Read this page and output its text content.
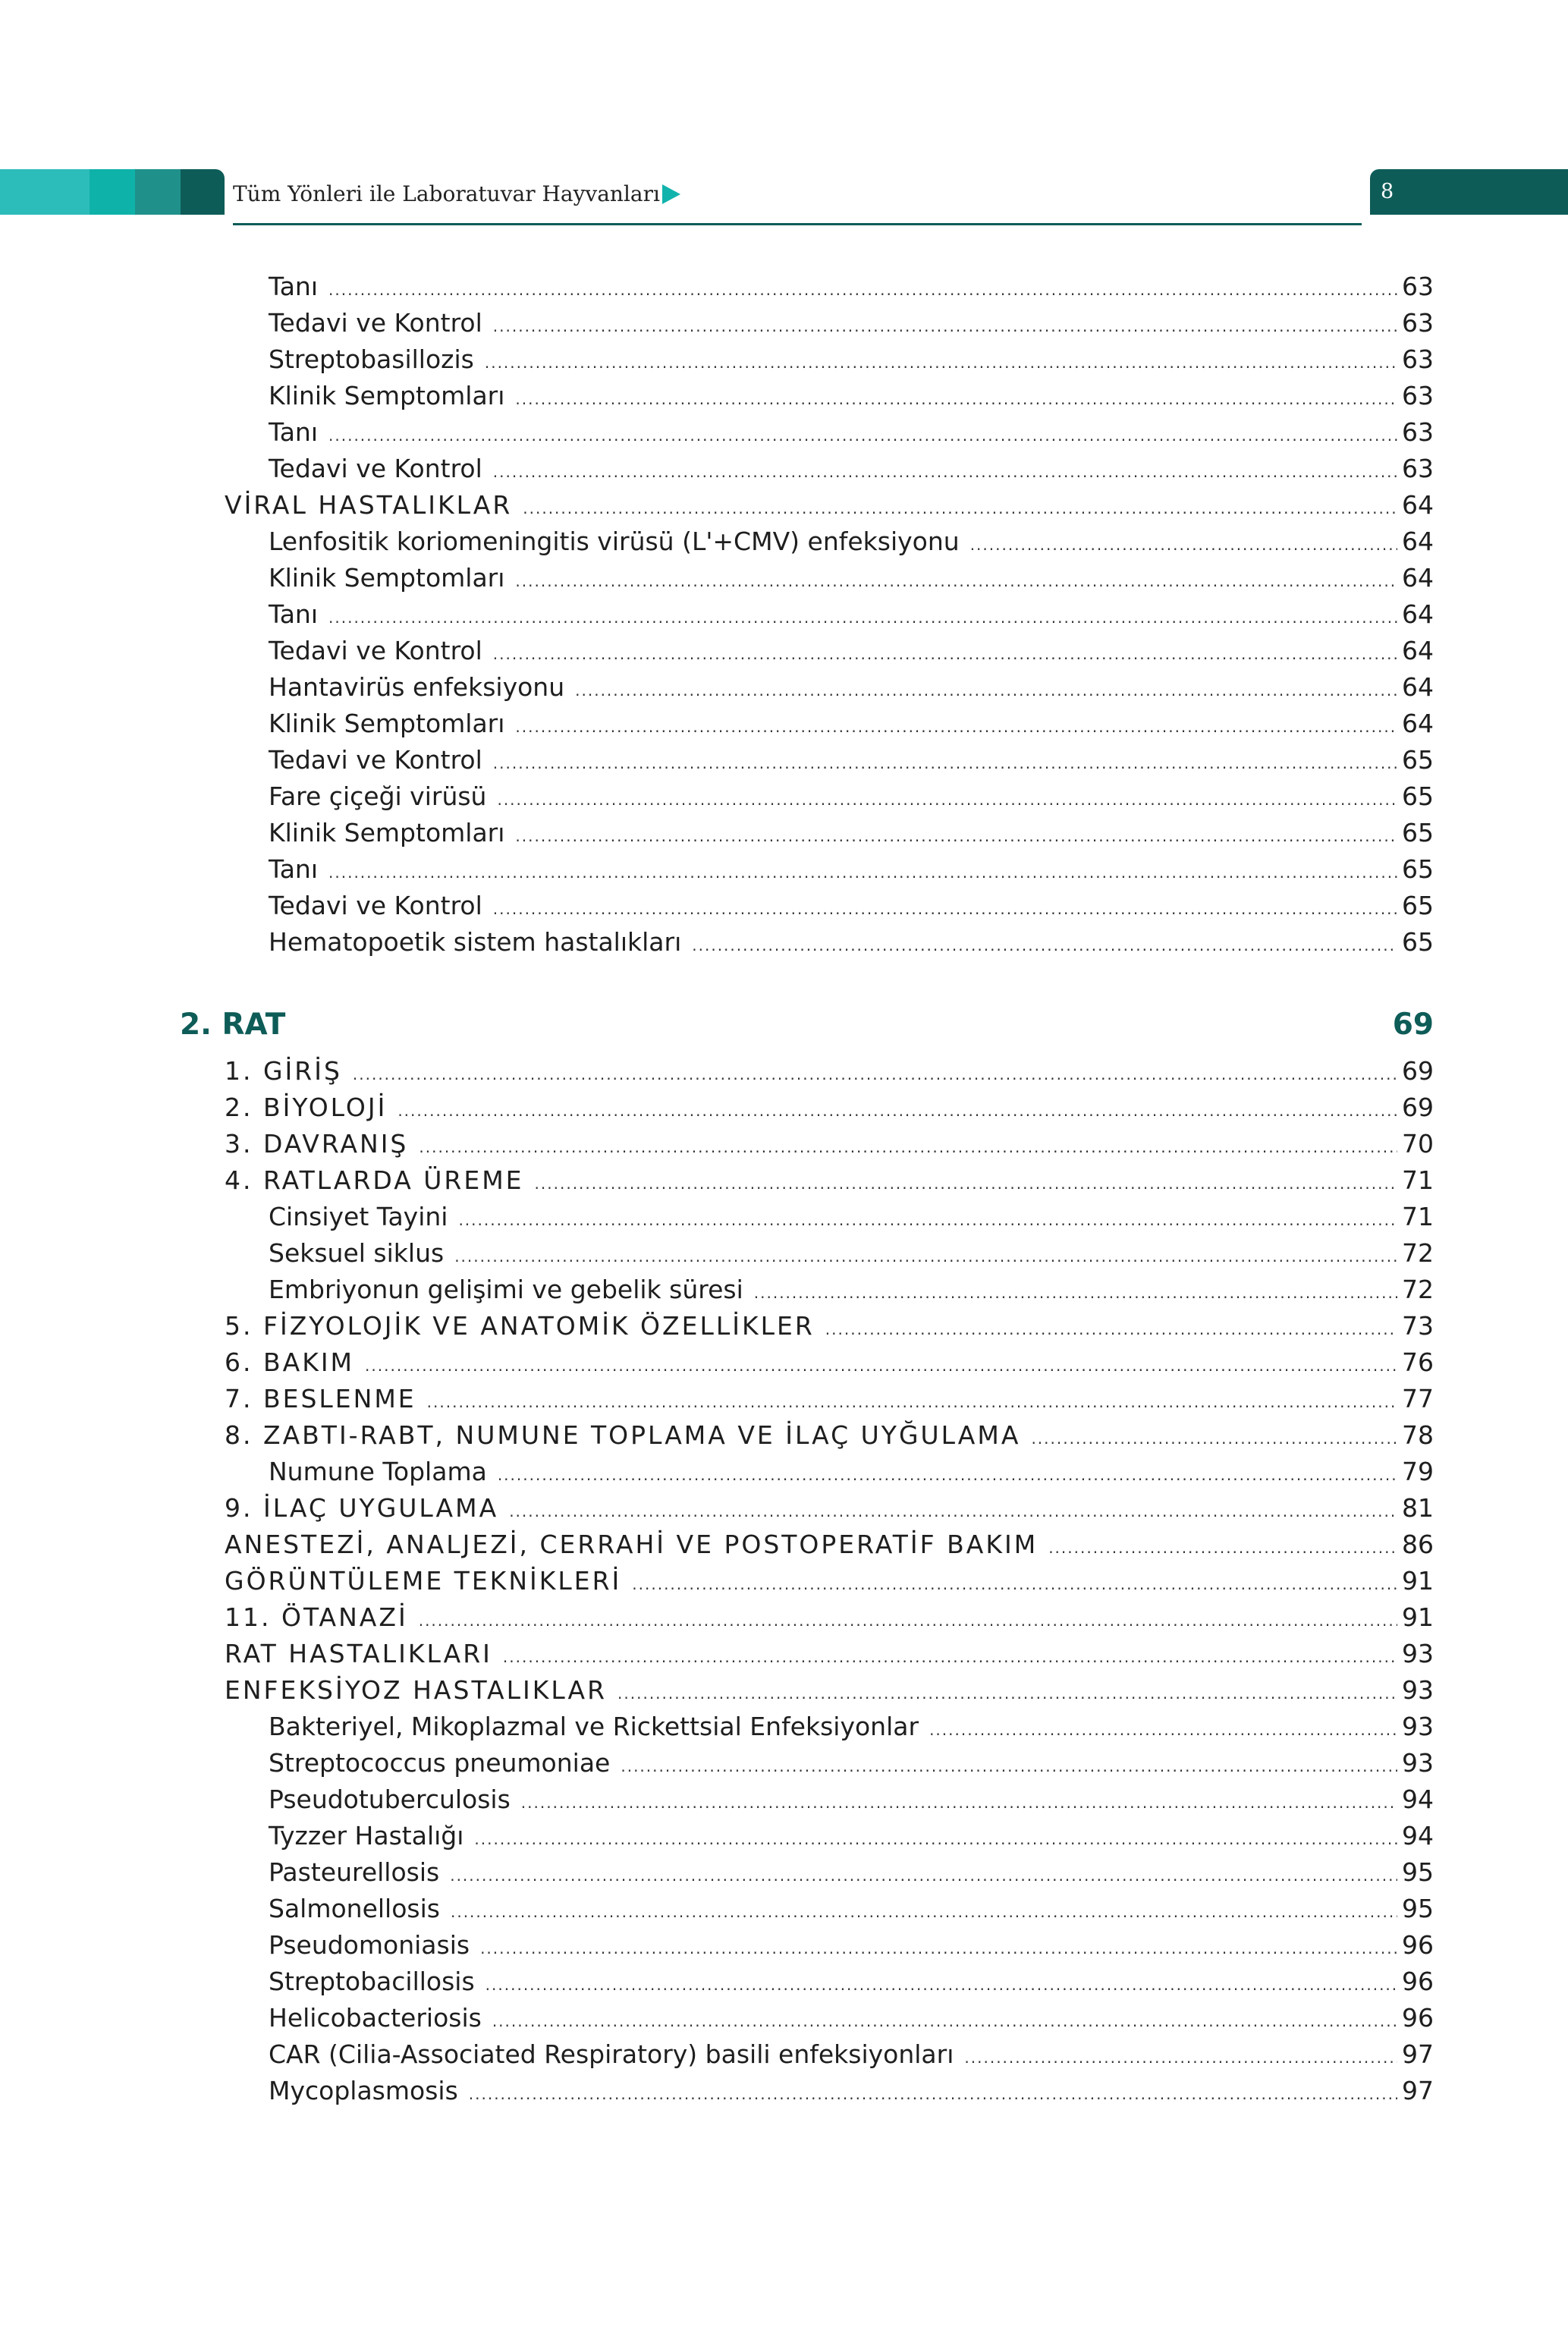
Tüm Yönleri ile Laboratuvar Hayvanları	8
Tanı .....	63
Tedavi ve Kontrol .....	63
Streptobasillozis .....	63
Klinik Semptomları .....	63
Tanı .....	63
Tedavi ve Kontrol .....	63
VİRAL HASTALIKLAR .....	64
Lenfositik koriomeningitis virüsü (L'+CMV) enfeksiyonu .....	64
Klinik Semptomları .....	64
Tanı .....	64
Tedavi ve Kontrol .....	64
Hantavirüs enfeksiyonu .....	64
Klinik Semptomları .....	64
Tedavi ve Kontrol .....	65
Fare çiçeği virüsü .....	65
Klinik Semptomları .....	65
Tanı .....	65
Tedavi ve Kontrol .....	65
Hematopoetik sistem hastalıkları .....	65
2. RAT	69
1. GİRİŞ .....	69
2. BİYOLOJİ .....	69
3. DAVRANIŞ .....	70
4. RATLARDA ÜREME .....	71
Cinsiyet Tayini .....	71
Seksuel siklus .....	72
Embriyonun gelişimi ve gebelik süresi .....	72
5. FİZYOLOJİK VE ANATOMİK ÖZELLİKLER .....	73
6. BAKIM .....	76
7. BESLENME .....	77
8. ZABTI-RABT, NUMUNE TOPLAMA VE İLAÇ UYĞULAMA .....	78
Numune Toplama .....	79
9. İLAÇ UYGULAMA .....	81
ANESTEZİ, ANALJEZİ, CERRAHİ VE POSTOPERATİF BAKIM .....	86
GÖRÜNTÜLEME TEKNİKLERİ .....	91
11. ÖTANAZİ .....	91
RAT HASTALIKLARI .....	93
ENFEKSİYOZ HASTALIKLAR .....	93
Bakteriyel, Mikoplazmal ve Rickettsial Enfeksiyonlar .....	93
Streptococcus pneumoniae .....	93
Pseudotuberculosis .....	94
Tyzzer Hastalığı .....	94
Pasteurellosis .....	95
Salmonellosis .....	95
Pseudomoniasis .....	96
Streptobacillosis .....	96
Helicobacteriosis .....	96
CAR (Cilia-Associated Respiratory) basili enfeksiyonları .....	97
Mycoplasmosis .....	97
